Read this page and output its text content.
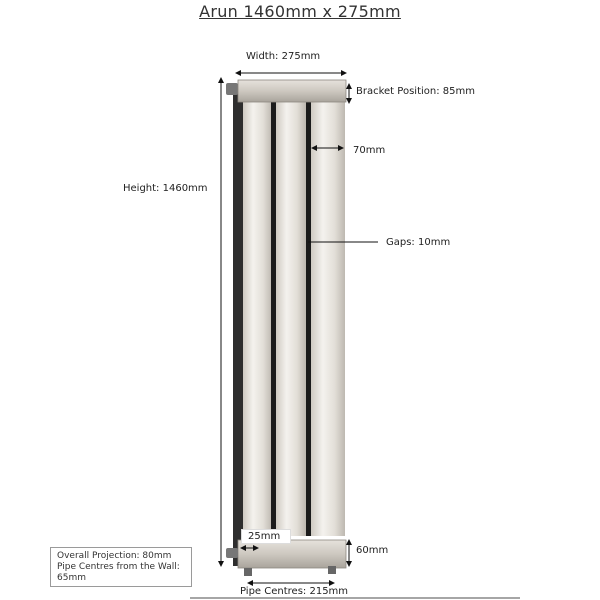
Arun 1460mm x 275mm
Width: 275mm
Bracket Position: 85mm
70mm
Height: 1460mm
Gaps: 10mm
25mm
60mm
Pipe Centres: 215mm
Overall Projection: 80mm
Pipe Centres from the Wall: 65mm
